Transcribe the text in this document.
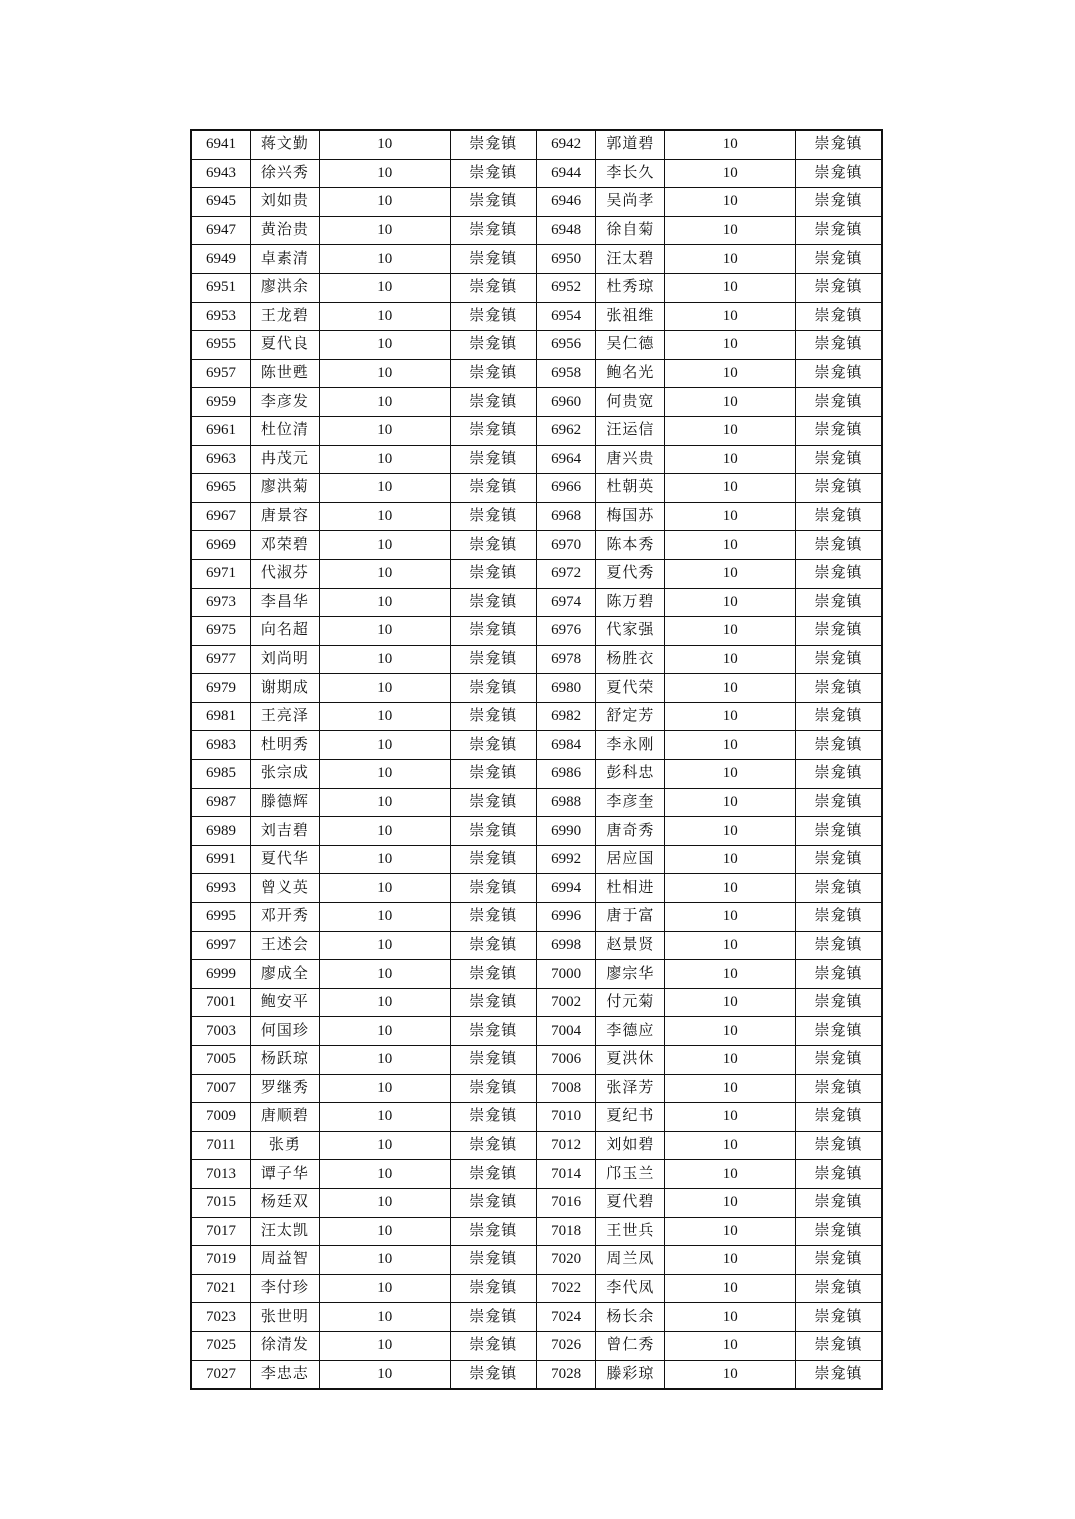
6941	蒋文勤	10	崇龛镇	6942	郭道碧	10	崇龛镇
6943	徐兴秀	10	崇龛镇	6944	李长久	10	崇龛镇
6945	刘如贵	10	崇龛镇	6946	吴尚孝	10	崇龛镇
6947	黄治贵	10	崇龛镇	6948	徐自菊	10	崇龛镇
6949	卓素清	10	崇龛镇	6950	汪太碧	10	崇龛镇
6951	廖洪余	10	崇龛镇	6952	杜秀琼	10	崇龛镇
6953	王龙碧	10	崇龛镇	6954	张祖维	10	崇龛镇
6955	夏代良	10	崇龛镇	6956	吴仁德	10	崇龛镇
6957	陈世甦	10	崇龛镇	6958	鲍名光	10	崇龛镇
6959	李彦发	10	崇龛镇	6960	何贵宽	10	崇龛镇
6961	杜位清	10	崇龛镇	6962	汪运信	10	崇龛镇
6963	冉茂元	10	崇龛镇	6964	唐兴贵	10	崇龛镇
6965	廖洪菊	10	崇龛镇	6966	杜朝英	10	崇龛镇
6967	唐景容	10	崇龛镇	6968	梅国苏	10	崇龛镇
6969	邓荣碧	10	崇龛镇	6970	陈本秀	10	崇龛镇
6971	代淑芬	10	崇龛镇	6972	夏代秀	10	崇龛镇
6973	李昌华	10	崇龛镇	6974	陈万碧	10	崇龛镇
6975	向名超	10	崇龛镇	6976	代家强	10	崇龛镇
6977	刘尚明	10	崇龛镇	6978	杨胜衣	10	崇龛镇
6979	谢期成	10	崇龛镇	6980	夏代荣	10	崇龛镇
6981	王亮泽	10	崇龛镇	6982	舒定芳	10	崇龛镇
6983	杜明秀	10	崇龛镇	6984	李永刚	10	崇龛镇
6985	张宗成	10	崇龛镇	6986	彭科忠	10	崇龛镇
6987	滕德辉	10	崇龛镇	6988	李彦奎	10	崇龛镇
6989	刘吉碧	10	崇龛镇	6990	唐奇秀	10	崇龛镇
6991	夏代华	10	崇龛镇	6992	居应国	10	崇龛镇
6993	曾义英	10	崇龛镇	6994	杜相进	10	崇龛镇
6995	邓开秀	10	崇龛镇	6996	唐于富	10	崇龛镇
6997	王述会	10	崇龛镇	6998	赵景贤	10	崇龛镇
6999	廖成全	10	崇龛镇	7000	廖宗华	10	崇龛镇
7001	鲍安平	10	崇龛镇	7002	付元菊	10	崇龛镇
7003	何国珍	10	崇龛镇	7004	李德应	10	崇龛镇
7005	杨跃琼	10	崇龛镇	7006	夏洪休	10	崇龛镇
7007	罗继秀	10	崇龛镇	7008	张泽芳	10	崇龛镇
7009	唐顺碧	10	崇龛镇	7010	夏纪书	10	崇龛镇
7011	张勇	10	崇龛镇	7012	刘如碧	10	崇龛镇
7013	谭子华	10	崇龛镇	7014	邝玉兰	10	崇龛镇
7015	杨廷双	10	崇龛镇	7016	夏代碧	10	崇龛镇
7017	汪太凯	10	崇龛镇	7018	王世兵	10	崇龛镇
7019	周益智	10	崇龛镇	7020	周兰凤	10	崇龛镇
7021	李付珍	10	崇龛镇	7022	李代凤	10	崇龛镇
7023	张世明	10	崇龛镇	7024	杨长余	10	崇龛镇
7025	徐清发	10	崇龛镇	7026	曾仁秀	10	崇龛镇
7027	李忠志	10	崇龛镇	7028	滕彩琼	10	崇龛镇
